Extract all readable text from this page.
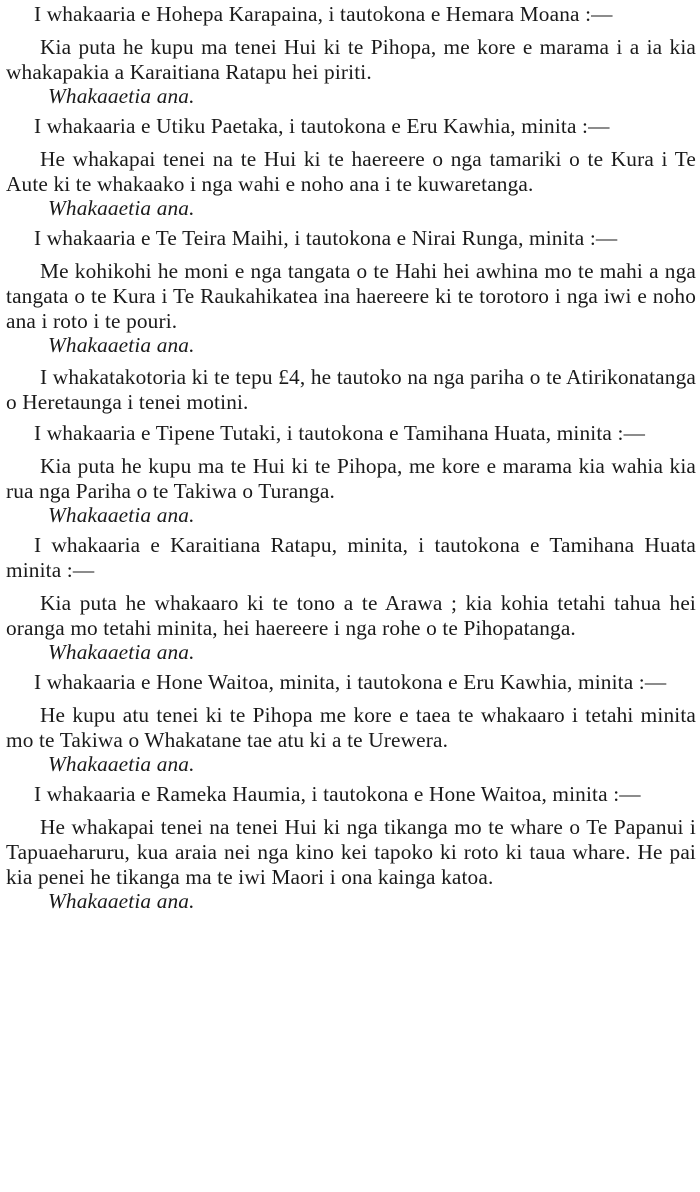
I whakaaria e Hohepa Karapaina, i tautokona e Hemara Moana :—

Kia puta he kupu ma tenei Hui ki te Pihopa, me kore e marama i a ia kia whakapakia a Karaitiana Ratapu hei piriti.

Whakaaetia ana.

I whakaaria e Utiku Paetaka, i tautokona e Eru Kawhia, minita :—

He whakapai tenei na te Hui ki te haereere o nga tamariki o te Kura i Te Aute ki te whakaako i nga wahi e noho ana i te kuwaretanga.

Whakaaetia ana.

I whakaaria e Te Teira Maihi, i tautokona e Nirai Runga, minita :—

Me kohikohi he moni e nga tangata o te Hahi hei awhina mo te mahi a nga tangata o te Kura i Te Raukahikatea ina haereere ki te torotoro i nga iwi e noho ana i roto i te pouri.

Whakaaetia ana.

I whakatakotoria ki te tepu £4, he tautoko na nga pariha o te Atirikonatanga o Heretaunga i tenei motini.

I whakaaria e Tipene Tutaki, i tautokona e Tamihana Huata, minita :—

Kia puta he kupu ma te Hui ki te Pihopa, me kore e marama kia wahia kia rua nga Pariha o te Takiwa o Turanga.

Whakaaetia ana.

I whakaaria e Karaitiana Ratapu, minita, i tautokona e Tamihana Huata minita :—

Kia puta he whakaaro ki te tono a te Arawa ; kia kohia tetahi tahua hei oranga mo tetahi minita, hei haereere i nga rohe o te Pihopatanga.

Whakaaetia ana.

I whakaaria e Hone Waitoa, minita, i tautokona e Eru Kawhia, minita :—

He kupu atu tenei ki te Pihopa me kore e taea te whakaaro i tetahi minita mo te Takiwa o Whakatane tae atu ki a te Urewera.

Whakaaetia ana.

I whakaaria e Rameka Haumia, i tautokona e Hone Waitoa, minita :—

He whakapai tenei na tenei Hui ki nga tikanga mo te whare o Te Papanui i Tapuaeharuru, kua araia nei nga kino kei tapoko ki roto ki taua whare. He pai kia penei he tikanga ma te iwi Maori i ona kainga katoa.

Whakaaetia ana.
